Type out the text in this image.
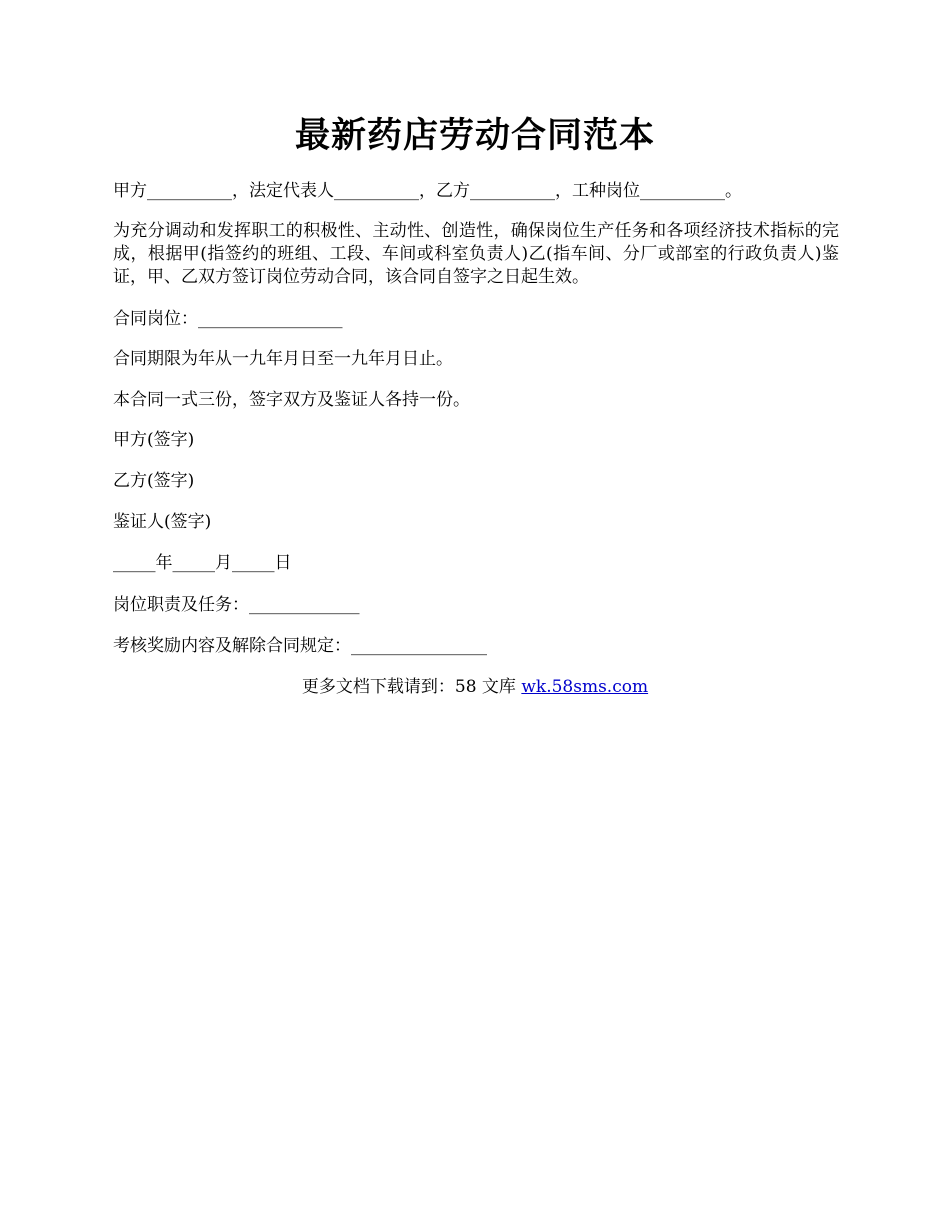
最新药店劳动合同范本

甲方__________，法定代表人__________，乙方__________，工种岗位__________。

为充分调动和发挥职工的积极性、主动性、创造性，确保岗位生产任务和各项经济技术指标的完成，根据甲(指签约的班组、工段、车间或科室负责人)乙(指车间、分厂或部室的行政负责人)鉴证，甲、乙双方签订岗位劳动合同，该合同自签字之日起生效。

合同岗位：_________________

合同期限为年从一九年月日至一九年月日止。

本合同一式三份，签字双方及鉴证人各持一份。

甲方(签字)

乙方(签字)

鉴证人(签字)

_____年_____月_____日

岗位职责及任务：_____________

考核奖励内容及解除合同规定：________________

更多文档下载请到：58 文库 wk.58sms.com
